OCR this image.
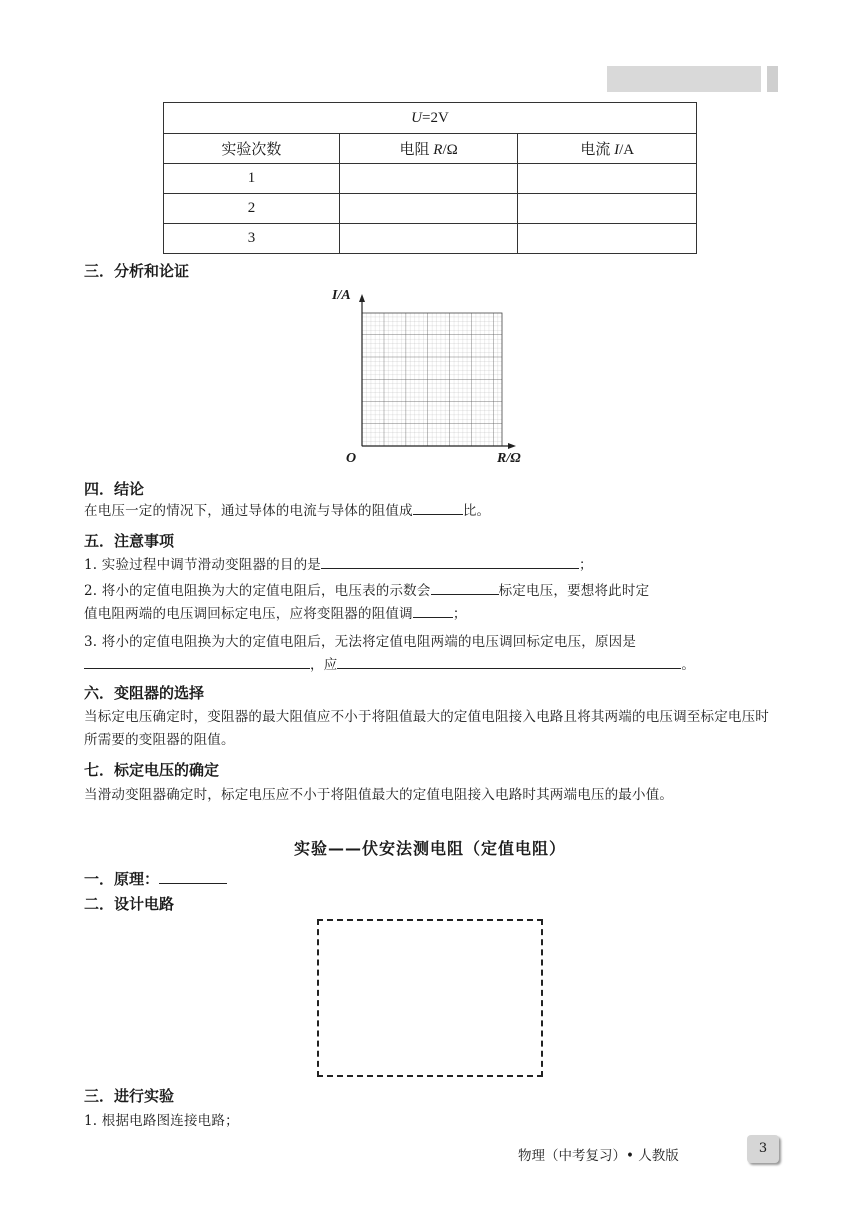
U=2V		
实验次数	电阻 R/Ω	电流 I/A
1		
2		
3		
三．分析和论证
I/A
O	R/Ω
四．结论
在电压一定的情况下，通过导体的电流与导体的阻值成	比。
五．注意事项
1. 实验过程中调节滑动变阻器的目的是	；
2. 将小的定值电阻换为大的定值电阻后，电压表的示数会	标定电压，要想将此时定
值电阻两端的电压调回标定电压，应将变阻器的阻值调	；
3. 将小的定值电阻换为大的定值电阻后，无法将定值电阻两端的电压调回标定电压，原因是
，应	。
六．变阻器的选择
当标定电压确定时，变阻器的最大阻值应不小于将阻值最大的定值电阻接入电路且将其两端的电压调至标定电压时所需要的变阻器的阻值。
七．标定电压的确定
当滑动变阻器确定时，标定电压应不小于将阻值最大的定值电阻接入电路时其两端电压的最小值。
实验——伏安法测电阻（定值电阻）
一．原理：
二．设计电路
三．进行实验
1. 根据电路图连接电路；
物理（中考复习）• 人教版	3
